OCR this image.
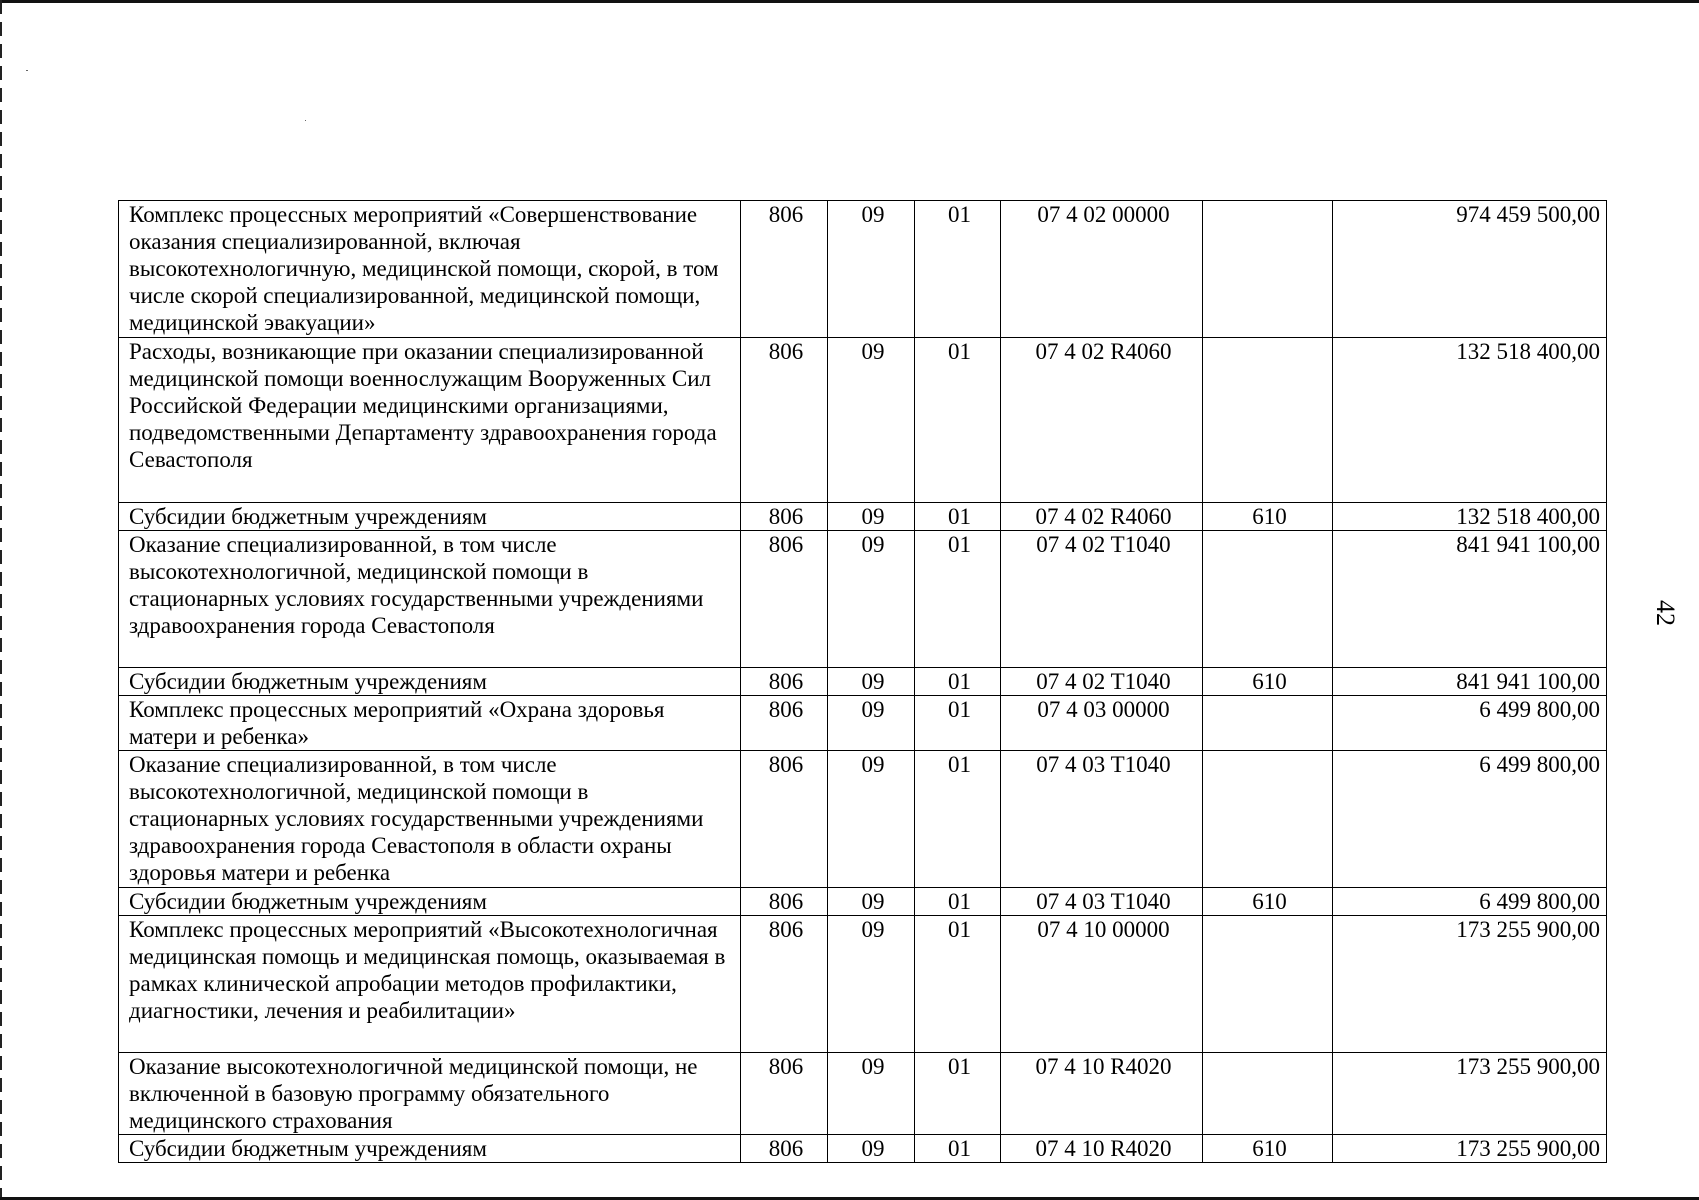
Комплекс процессных мероприятий «Совершенствование оказания специализированной, включая высокотехнологичную, медицинской помощи, скорой, в том числе скорой специализированной, медицинской помощи, медицинской эвакуации»	806	09	01	07 4 02 00000		974 459 500,00
Расходы, возникающие при оказании специализированной медицинской помощи военнослужащим Вооруженных Сил Российской Федерации медицинскими организациями, подведомственными Департаменту здравоохранения города Севастополя	806	09	01	07 4 02 R4060		132 518 400,00
Субсидии бюджетным учреждениям	806	09	01	07 4 02 R4060	610	132 518 400,00
Оказание специализированной, в том числе высокотехнологичной, медицинской помощи в стационарных условиях государственными учреждениями здравоохранения города Севастополя	806	09	01	07 4 02 T1040		841 941 100,00
Субсидии бюджетным учреждениям	806	09	01	07 4 02 T1040	610	841 941 100,00
Комплекс процессных мероприятий «Охрана здоровья матери и ребенка»	806	09	01	07 4 03 00000		6 499 800,00
Оказание специализированной, в том числе высокотехнологичной, медицинской помощи в стационарных условиях государственными учреждениями здравоохранения города Севастополя в области охраны здоровья матери и ребенка	806	09	01	07 4 03 T1040		6 499 800,00
Субсидии бюджетным учреждениям	806	09	01	07 4 03 T1040	610	6 499 800,00
Комплекс процессных мероприятий «Высокотехнологичная медицинская помощь и медицинская помощь, оказываемая в рамках клинической апробации методов профилактики, диагностики, лечения и реабилитации»	806	09	01	07 4 10 00000		173 255 900,00
Оказание высокотехнологичной медицинской помощи, не включенной в базовую программу обязательного медицинского страхования	806	09	01	07 4 10 R4020		173 255 900,00
Субсидии бюджетным учреждениям	806	09	01	07 4 10 R4020	610	173 255 900,00
42
